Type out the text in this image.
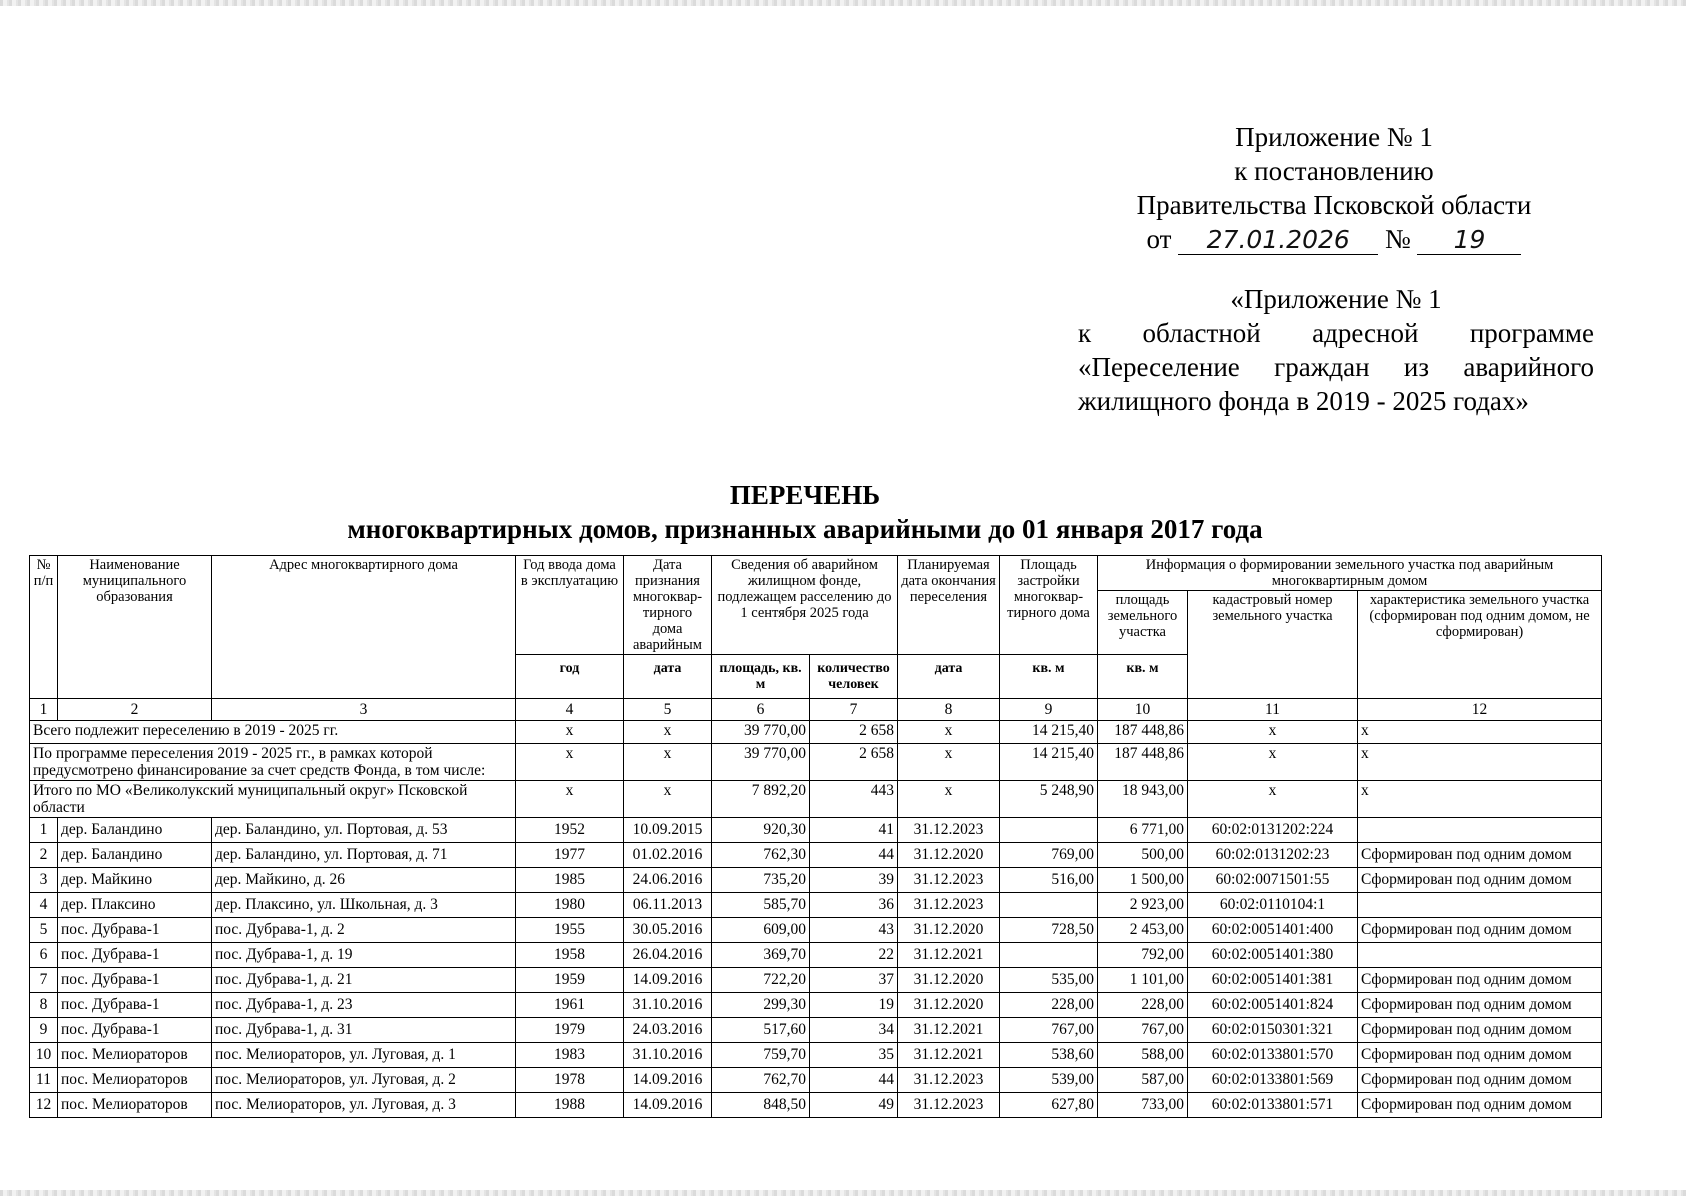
Приложение № 1
к постановлению
Правительства Псковской области
от 27.01.2026 № 19
«Приложение № 1
к областной адресной программе
«Переселение граждан из аварийного
жилищного фонда в 2019 - 2025 годах»
ПЕРЕЧЕНЬ
многоквартирных домов, признанных аварийными до 01 января 2017 года
№ п/п	Наименование муниципального образования	Адрес многоквартирного дома	Год ввода дома в эксплуатацию	Дата признания многоквар-тирного дома аварийным	Сведения об аварийном жилищном фонде, подлежащем расселению до 1 сентября 2025 года		Планируемая дата окончания переселения	Площадь застройки многоквар-тирного дома	Информация о формировании земельного участка под аварийным многоквартирным домом		
									площадь земельного участка	кадастровый номер земельного участка	характеристика земельного участка (сформирован под одним домом, не сформирован)
			год	дата	площадь, кв. м	количество человек	дата	кв. м	кв. м		
1	2	3	4	5	6	7	8	9	10	11	12
Всего подлежит переселению в 2019 - 2025 гг.			x	x	39 770,00	2 658	x	14 215,40	187 448,86	x	x
По программе переселения 2019 - 2025 гг., в рамках которой предусмотрено финансирование за счет средств Фонда, в том числе:			x	x	39 770,00	2 658	x	14 215,40	187 448,86	x	x
Итого по МО «Великолукский муниципальный округ» Псковской области			x	x	7 892,20	443	x	5 248,90	18 943,00	x	x
1	дер. Баландино	дер. Баландино, ул. Портовая, д. 53	1952	10.09.2015	920,30	41	31.12.2023		6 771,00	60:02:0131202:224	
2	дер. Баландино	дер. Баландино, ул. Портовая, д. 71	1977	01.02.2016	762,30	44	31.12.2020	769,00	500,00	60:02:0131202:23	Сформирован под одним домом
3	дер. Майкино	дер. Майкино, д. 26	1985	24.06.2016	735,20	39	31.12.2023	516,00	1 500,00	60:02:0071501:55	Сформирован под одним домом
4	дер. Плаксино	дер. Плаксино, ул. Школьная, д. 3	1980	06.11.2013	585,70	36	31.12.2023		2 923,00	60:02:0110104:1	
5	пос. Дубрава-1	пос. Дубрава-1, д. 2	1955	30.05.2016	609,00	43	31.12.2020	728,50	2 453,00	60:02:0051401:400	Сформирован под одним домом
6	пос. Дубрава-1	пос. Дубрава-1, д. 19	1958	26.04.2016	369,70	22	31.12.2021		792,00	60:02:0051401:380	
7	пос. Дубрава-1	пос. Дубрава-1, д. 21	1959	14.09.2016	722,20	37	31.12.2020	535,00	1 101,00	60:02:0051401:381	Сформирован под одним домом
8	пос. Дубрава-1	пос. Дубрава-1, д. 23	1961	31.10.2016	299,30	19	31.12.2020	228,00	228,00	60:02:0051401:824	Сформирован под одним домом
9	пос. Дубрава-1	пос. Дубрава-1, д. 31	1979	24.03.2016	517,60	34	31.12.2021	767,00	767,00	60:02:0150301:321	Сформирован под одним домом
10	пос. Мелиораторов	пос. Мелиораторов, ул. Луговая, д. 1	1983	31.10.2016	759,70	35	31.12.2021	538,60	588,00	60:02:0133801:570	Сформирован под одним домом
11	пос. Мелиораторов	пос. Мелиораторов, ул. Луговая, д. 2	1978	14.09.2016	762,70	44	31.12.2023	539,00	587,00	60:02:0133801:569	Сформирован под одним домом
12	пос. Мелиораторов	пос. Мелиораторов, ул. Луговая, д. 3	1988	14.09.2016	848,50	49	31.12.2023	627,80	733,00	60:02:0133801:571	Сформирован под одним домом
